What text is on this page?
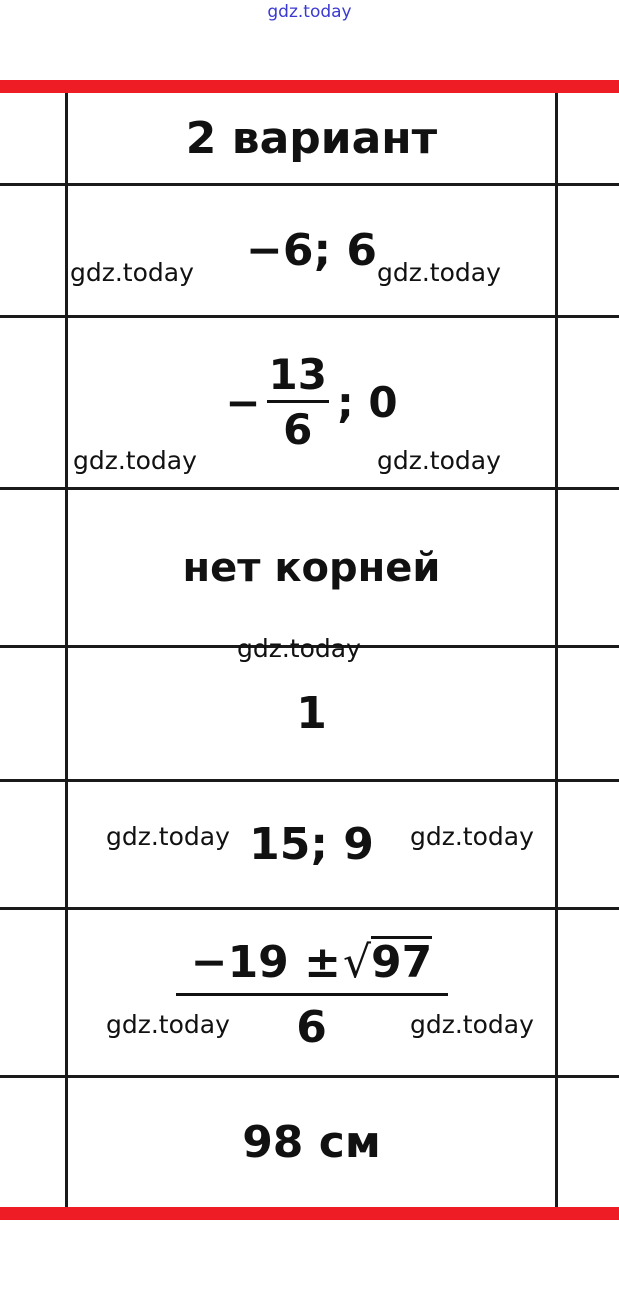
gdz.today
2 вариант
−6; 6
− $\frac{13}{6}$ ; 0
нет корней
1
15; 9
$\frac{-19 \pm √ 97}{6}$
98 см
gdz.today	gdz.today
gdz.today	gdz.today
gdz.today
gdz.today	gdz.today
gdz.today	gdz.today
